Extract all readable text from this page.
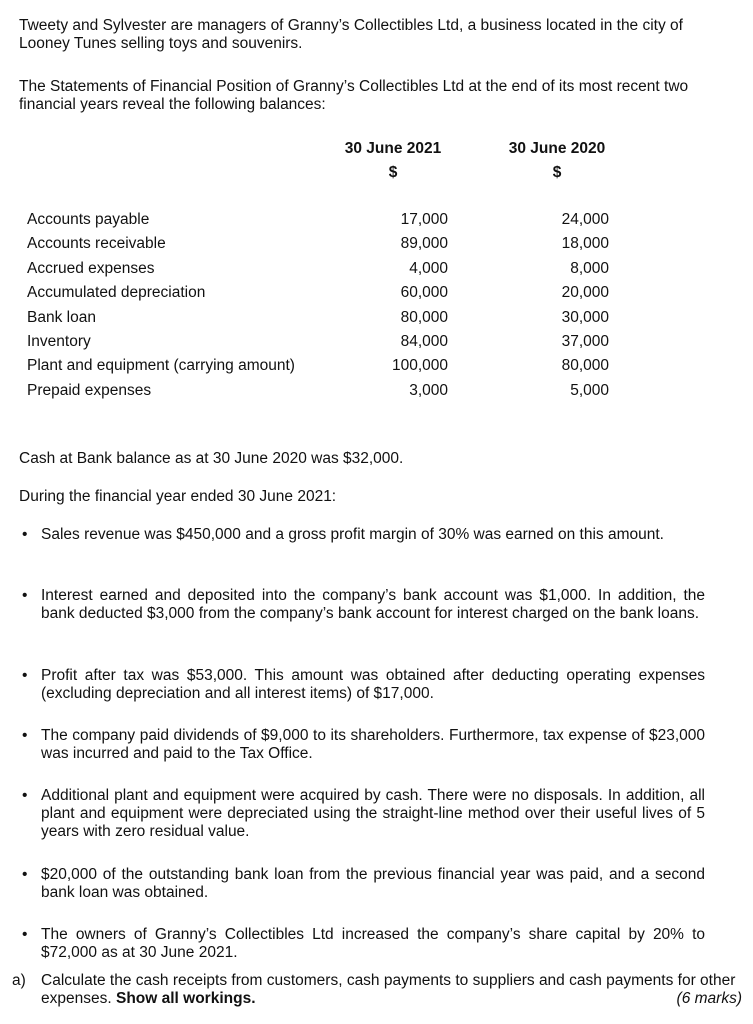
Tweety and Sylvester are managers of Granny’s Collectibles Ltd, a business located in the city of Looney Tunes selling toys and souvenirs.

The Statements of Financial Position of Granny’s Collectibles Ltd at the end of its most recent two financial years reveal the following balances:

30 June 2021	30 June 2020
$	$
Accounts payable	17,000	24,000
Accounts receivable	89,000	18,000
Accrued expenses	4,000	8,000
Accumulated depreciation	60,000	20,000
Bank loan	80,000	30,000
Inventory	84,000	37,000
Plant and equipment (carrying amount)	100,000	80,000
Prepaid expenses	3,000	5,000

Cash at Bank balance as at 30 June 2020 was $32,000.

During the financial year ended 30 June 2021:

• Sales revenue was $450,000 and a gross profit margin of 30% was earned on this amount.
• Interest earned and deposited into the company’s bank account was $1,000. In addition, the bank deducted $3,000 from the company’s bank account for interest charged on the bank loans.
• Profit after tax was $53,000. This amount was obtained after deducting operating expenses (excluding depreciation and all interest items) of $17,000.
• The company paid dividends of $9,000 to its shareholders. Furthermore, tax expense of $23,000 was incurred and paid to the Tax Office.
• Additional plant and equipment were acquired by cash. There were no disposals. In addition, all plant and equipment were depreciated using the straight-line method over their useful lives of 5 years with zero residual value.
• $20,000 of the outstanding bank loan from the previous financial year was paid, and a second bank loan was obtained.
• The owners of Granny’s Collectibles Ltd increased the company’s share capital by 20% to $72,000 as at 30 June 2021.
a) Calculate the cash receipts from customers, cash payments to suppliers and cash payments for other expenses. Show all workings.	(6 marks)
